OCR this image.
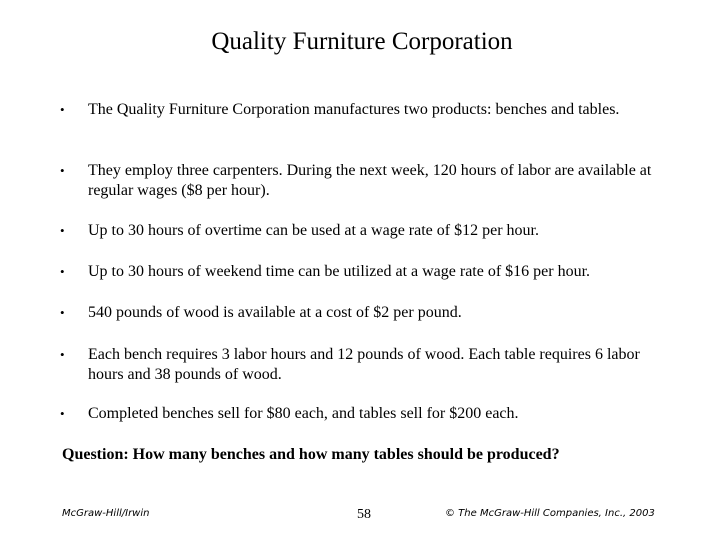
Quality Furniture Corporation
•	The Quality Furniture Corporation manufactures two products: benches and tables.
•	They employ three carpenters. During the next week, 120 hours of labor are available at regular wages ($8 per hour).
•	Up to 30 hours of overtime can be used at a wage rate of $12 per hour.
•	Up to 30 hours of weekend time can be utilized at a wage rate of $16 per hour.
•	540 pounds of wood is available at a cost of $2 per pound.
•	Each bench requires 3 labor hours and 12 pounds of wood. Each table requires 6 labor hours and 38 pounds of wood.
•	Completed benches sell for $80 each, and tables sell for $200 each.
Question: How many benches and how many tables should be produced?
McGraw-Hill/Irwin	58	© The McGraw-Hill Companies, Inc., 2003
